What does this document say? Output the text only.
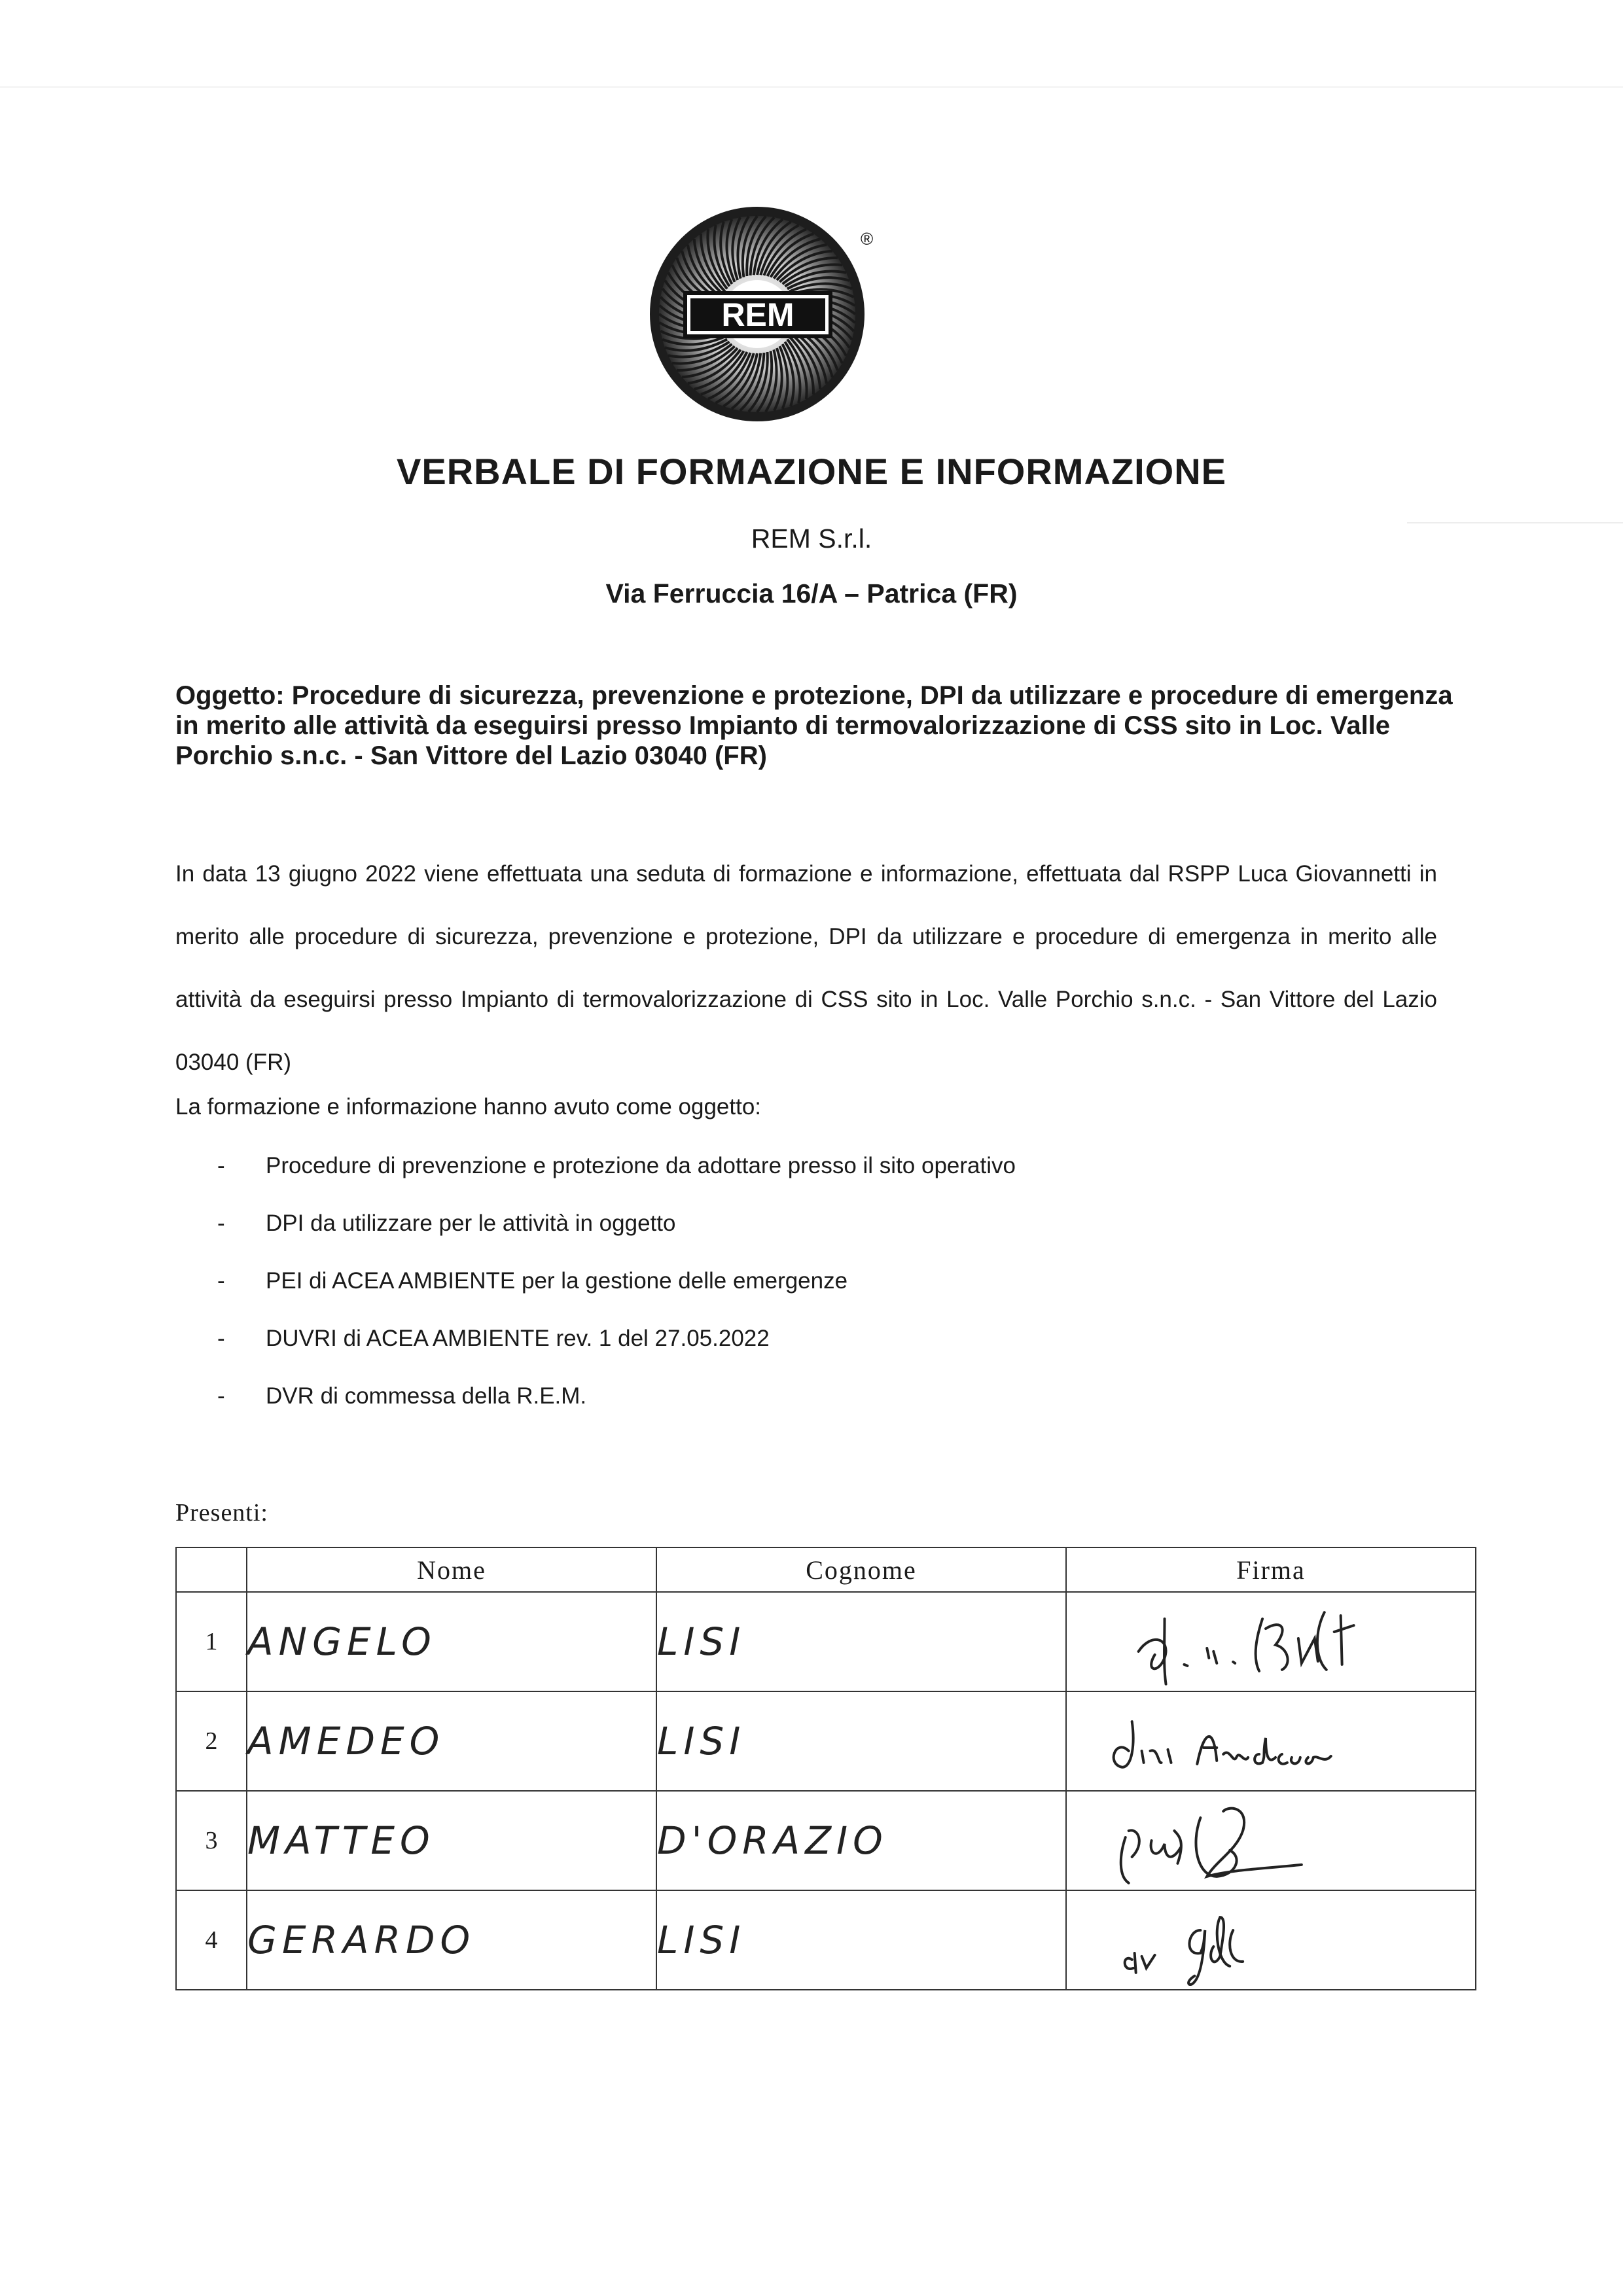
REM
®
VERBALE DI FORMAZIONE E INFORMAZIONE
REM S.r.l.
Via Ferruccia 16/A – Patrica (FR)
Oggetto: Procedure di sicurezza, prevenzione e protezione, DPI da utilizzare e procedure di emergenza in merito alle attività da eseguirsi presso Impianto di termovalorizzazione di CSS sito in Loc. Valle Porchio s.n.c. - San Vittore del Lazio 03040 (FR)
In data 13 giugno 2022 viene effettuata una seduta di formazione e informazione, effettuata dal RSPP Luca Giovannetti in merito alle procedure di sicurezza, prevenzione e protezione, DPI da utilizzare e procedure di emergenza in merito alle attività da eseguirsi presso Impianto di termovalorizzazione di CSS sito in Loc. Valle Porchio s.n.c. - San Vittore del Lazio 03040 (FR)
La formazione e informazione hanno avuto come oggetto:
- Procedure di prevenzione e protezione da adottare presso il sito operativo
- DPI da utilizzare per le attività in oggetto
- PEI di ACEA AMBIENTE per la gestione delle emergenze
- DUVRI di ACEA AMBIENTE rev. 1 del 27.05.2022
- DVR di commessa della R.E.M.
Presenti:
	Nome	Cognome	Firma
1	ANGELO	LISI	

2	AMEDEO	LISI	

3	MATTEO	D'ORAZIO	

4	GERARDO	LISI	
